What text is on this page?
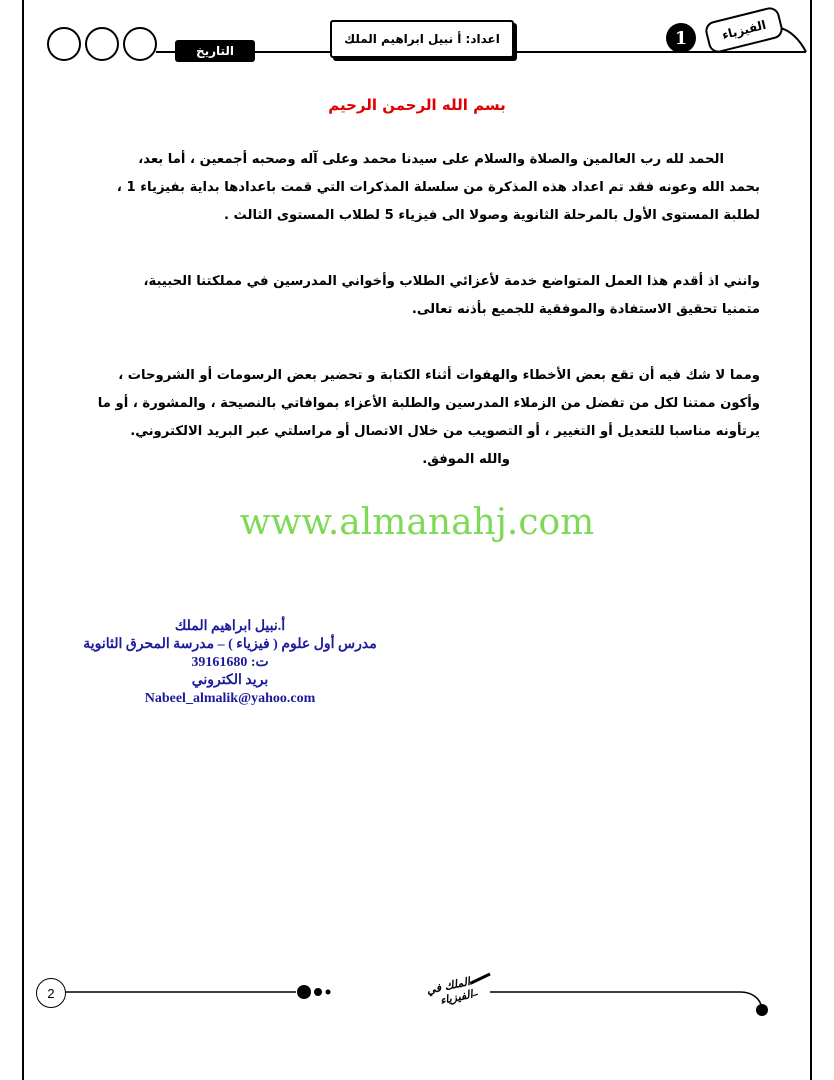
التاريخ
اعداد: أ نبيل ابراهيم الملك	1	الفيزياء
بسم الله الرحمن الرحيم

الحمد لله رب العالمين والصلاة والسلام على سيدنا محمد وعلى آله وصحبه أجمعين ، أما بعد،
بحمد الله وعونه فقد تم اعداد هذه المذكرة من سلسلة المذكرات التي قمت باعدادها بداية بفيزياء 1 ،
لطلبة المستوى الأول بالمرحلة الثانوية وصولا الى فيزياء 5 لطلاب المستوى الثالث .

وانني اذ أقدم هذا العمل المتواضع خدمة لأعزائي الطلاب وأخواني المدرسين في مملكتنا الحبيبة،
متمنيا تحقيق الاستفادة والموفقية للجميع بأذنه تعالى.

ومما لا شك فيه أن تقع بعض الأخطاء والهفوات أثناء الكتابة و تحضير بعض الرسومات أو الشروحات ،
وأكون ممتنا لكل من تفضل من الزملاء المدرسين والطلبة الأعزاء بموافاتي بالنصيحة ، والمشورة ، أو ما
يرتأونه مناسبا للتعديل أو التغيير ، أو التصويب من خلال الاتصال أو مراسلتي عبر البريد الالكتروني.
والله الموفق.

www.almanahj.com
أ.نبيل ابراهيم الملك
مدرس أول علوم ( فيزياء ) – مدرسة المحرق الثانوية
ت: 39161680
بريد الكتروني
Nabeel_almalik@yahoo.com
2	الملك في الفيزياء
